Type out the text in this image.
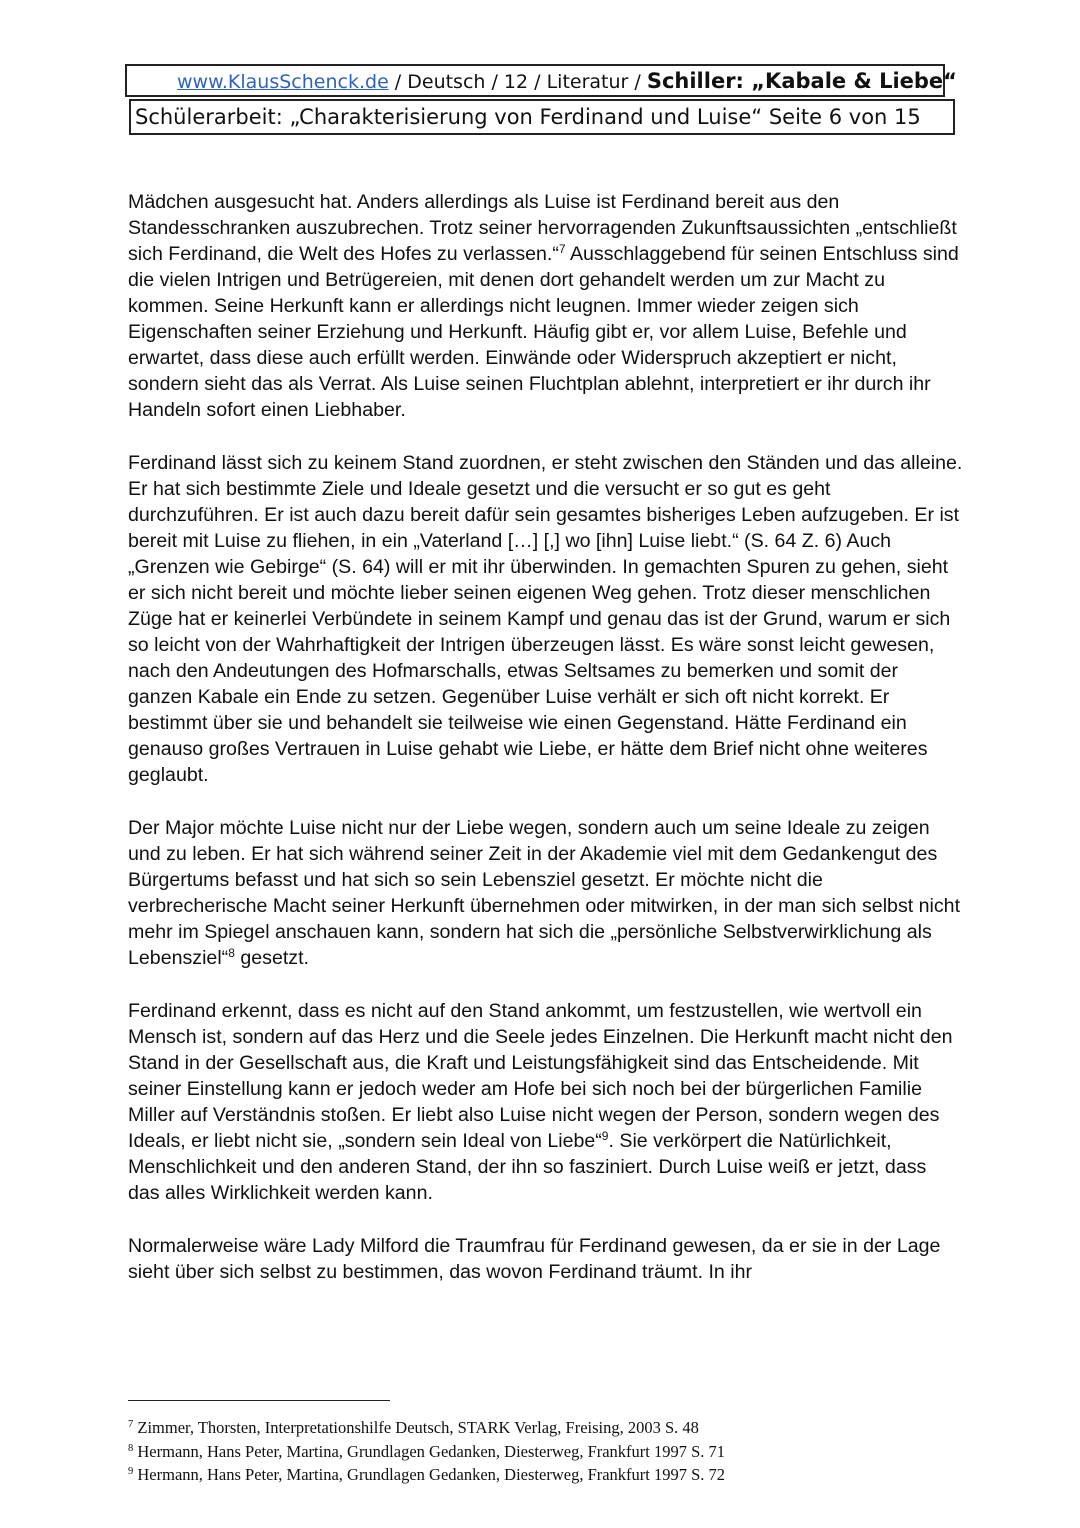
www.KlausSchenck.de / Deutsch / 12 / Literatur / Schiller: „Kabale & Liebe“
Schülerarbeit: „Charakterisierung von Ferdinand und Luise“ Seite 6 von 15

Mädchen ausgesucht hat. Anders allerdings als Luise ist Ferdinand bereit aus den Standesschranken auszubrechen. Trotz seiner hervorragenden Zukunftsaussichten „entschließt sich Ferdinand, die Welt des Hofes zu verlassen.“$^7$ Ausschlaggebend für seinen Entschluss sind die vielen Intrigen und Betrügereien, mit denen dort gehandelt werden um zur Macht zu kommen. Seine Herkunft kann er allerdings nicht leugnen. Immer wieder zeigen sich Eigenschaften seiner Erziehung und Herkunft. Häufig gibt er, vor allem Luise, Befehle und erwartet, dass diese auch erfüllt werden. Einwände oder Widerspruch akzeptiert er nicht, sondern sieht das als Verrat. Als Luise seinen Fluchtplan ablehnt, interpretiert er ihr durch ihr Handeln sofort einen Liebhaber.

Ferdinand lässt sich zu keinem Stand zuordnen, er steht zwischen den Ständen und das alleine. Er hat sich bestimmte Ziele und Ideale gesetzt und die versucht er so gut es geht durchzuführen. Er ist auch dazu bereit dafür sein gesamtes bisheriges Leben aufzugeben. Er ist bereit mit Luise zu fliehen, in ein „Vaterland […] [,] wo [ihn] Luise liebt.“ (S. 64 Z. 6) Auch „Grenzen wie Gebirge“ (S. 64) will er mit ihr überwinden. In gemachten Spuren zu gehen, sieht er sich nicht bereit und möchte lieber seinen eigenen Weg gehen. Trotz dieser menschlichen Züge hat er keinerlei Verbündete in seinem Kampf und genau das ist der Grund, warum er sich so leicht von der Wahrhaftigkeit der Intrigen überzeugen lässt. Es wäre sonst leicht gewesen, nach den Andeutungen des Hofmarschalls, etwas Seltsames zu bemerken und somit der ganzen Kabale ein Ende zu setzen. Gegenüber Luise verhält er sich oft nicht korrekt. Er bestimmt über sie und behandelt sie teilweise wie einen Gegenstand. Hätte Ferdinand ein genauso großes Vertrauen in Luise gehabt wie Liebe, er hätte dem Brief nicht ohne weiteres geglaubt.

Der Major möchte Luise nicht nur der Liebe wegen, sondern auch um seine Ideale zu zeigen und zu leben. Er hat sich während seiner Zeit in der Akademie viel mit dem Gedankengut des Bürgertums befasst und hat sich so sein Lebensziel gesetzt. Er möchte nicht die verbrecherische Macht seiner Herkunft übernehmen oder mitwirken, in der man sich selbst nicht mehr im Spiegel anschauen kann, sondern hat sich die „persönliche Selbstverwirklichung als Lebensziel“$^8$ gesetzt.

Ferdinand erkennt, dass es nicht auf den Stand ankommt, um festzustellen, wie wertvoll ein Mensch ist, sondern auf das Herz und die Seele jedes Einzelnen. Die Herkunft macht nicht den Stand in der Gesellschaft aus, die Kraft und Leistungsfähigkeit sind das Entscheidende. Mit seiner Einstellung kann er jedoch weder am Hofe bei sich noch bei der bürgerlichen Familie Miller auf Verständnis stoßen. Er liebt also Luise nicht wegen der Person, sondern wegen des Ideals, er liebt nicht sie, „sondern sein Ideal von Liebe“$^9$. Sie verkörpert die Natürlichkeit, Menschlichkeit und den anderen Stand, der ihn so fasziniert. Durch Luise weiß er jetzt, dass das alles Wirklichkeit werden kann.

Normalerweise wäre Lady Milford die Traumfrau für Ferdinand gewesen, da er sie in der Lage sieht über sich selbst zu bestimmen, das wovon Ferdinand träumt. In ihr

$^7$ Zimmer, Thorsten, Interpretationshilfe Deutsch, STARK Verlag, Freising, 2003 S. 48
$^8$ Hermann, Hans Peter, Martina, Grundlagen Gedanken, Diesterweg, Frankfurt 1997 S. 71
$^9$ Hermann, Hans Peter, Martina, Grundlagen Gedanken, Diesterweg, Frankfurt 1997 S. 72
